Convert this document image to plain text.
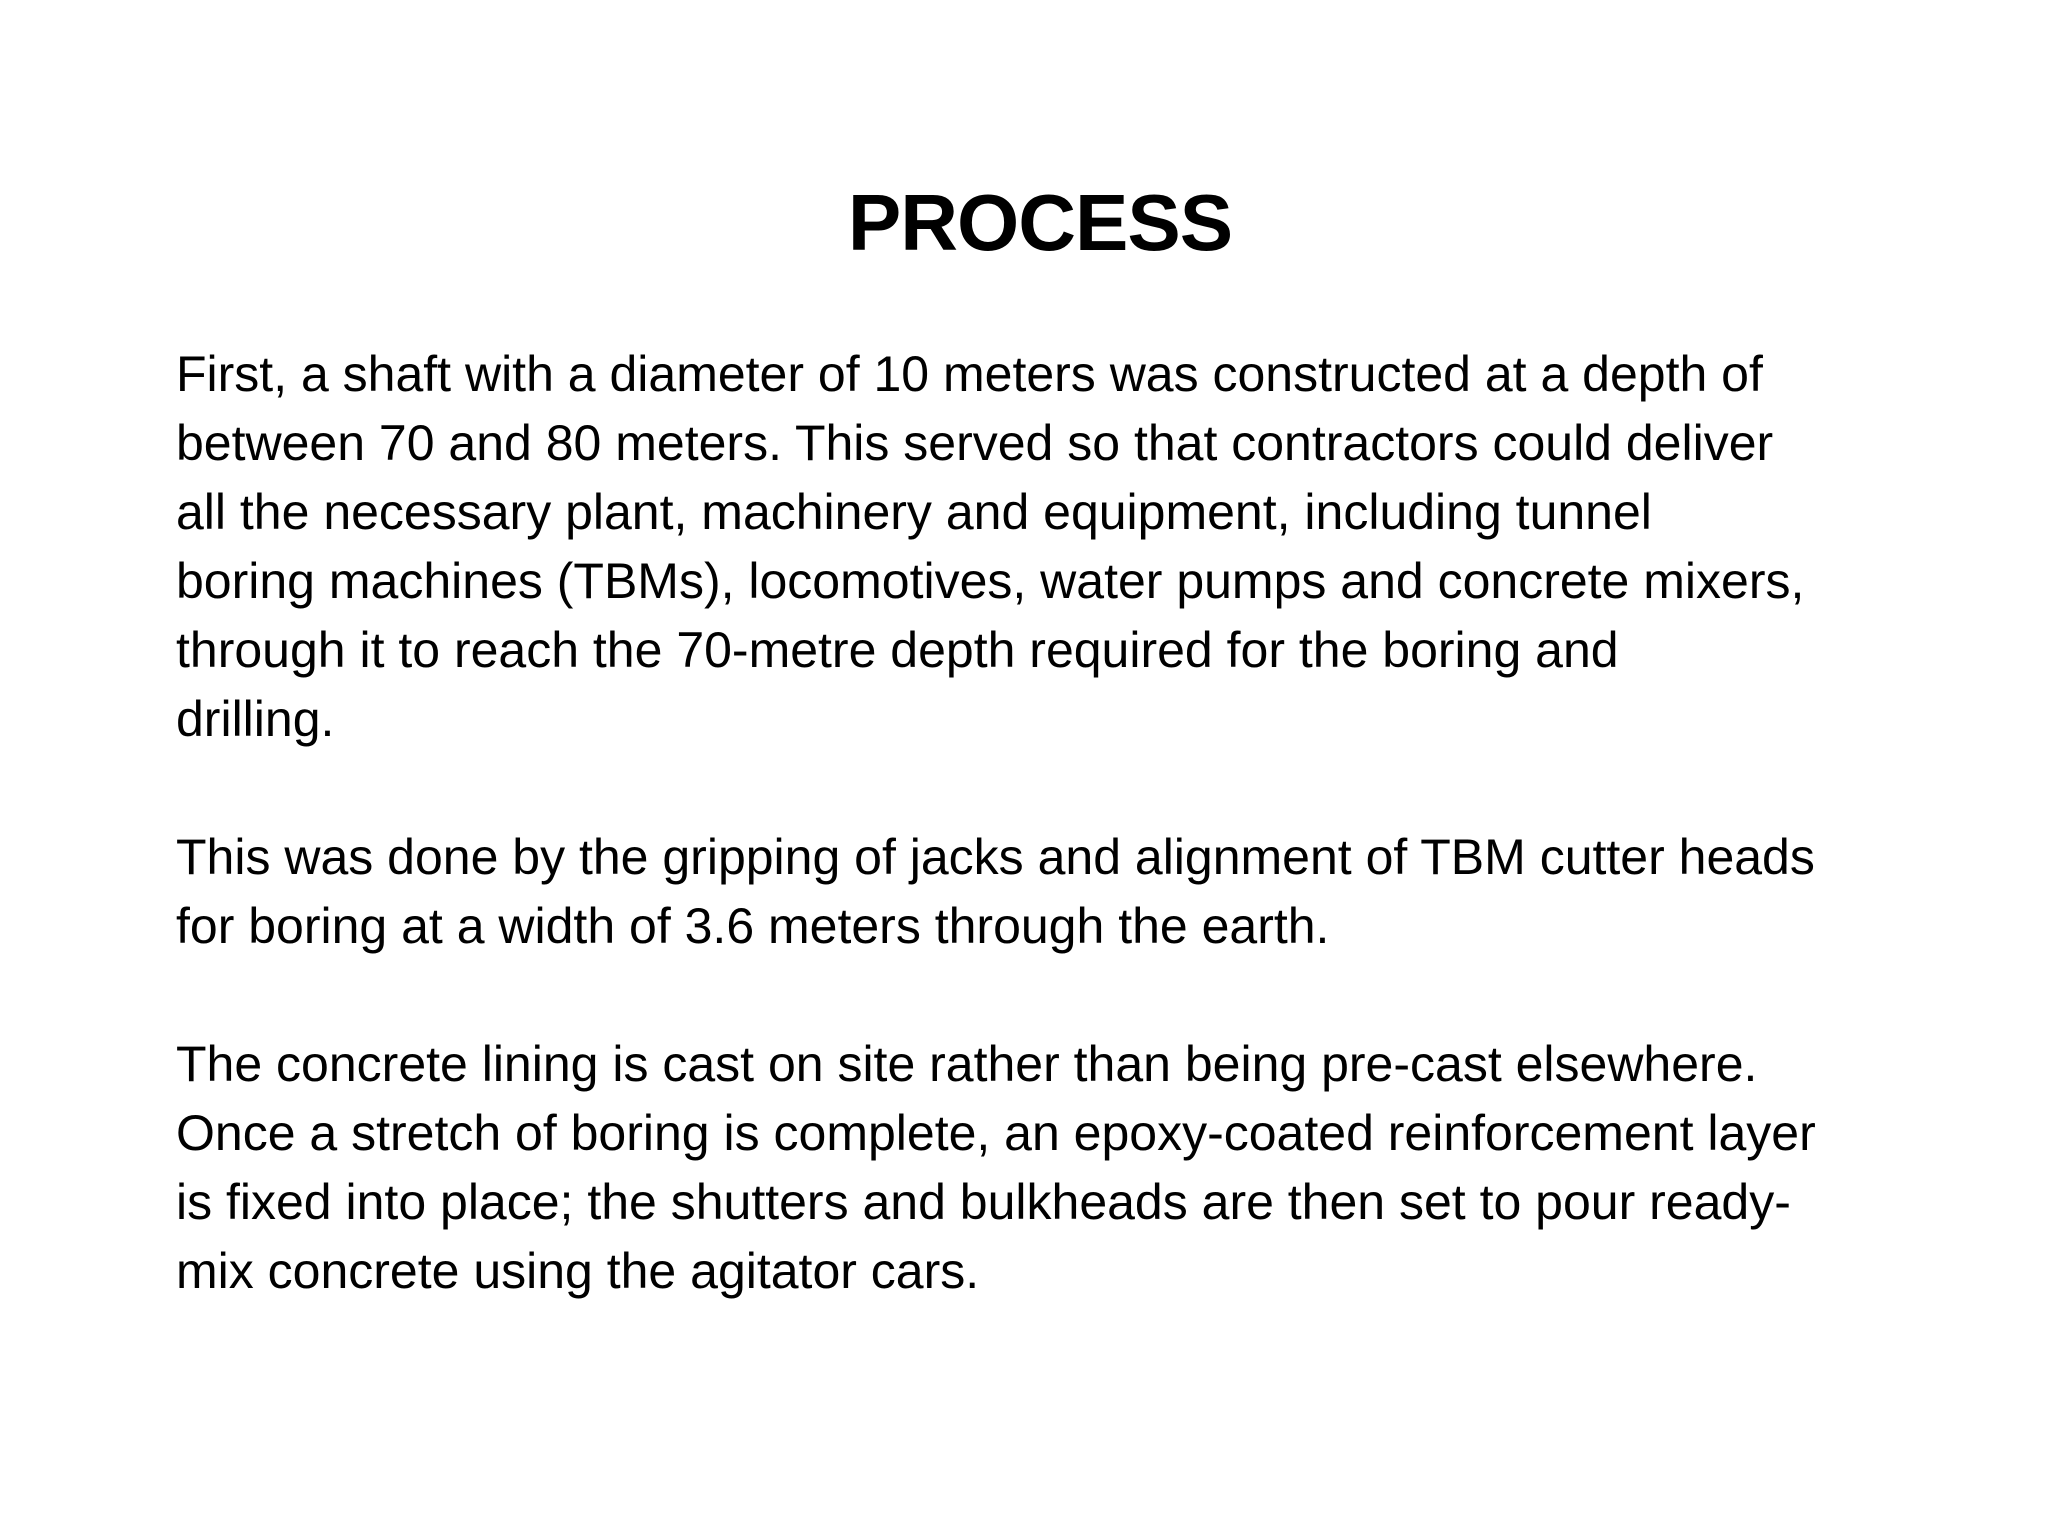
PROCESS
First, a shaft with a diameter of 10 meters was constructed at a depth of
between 70 and 80 meters. This served so that contractors could deliver
all the necessary plant, machinery and equipment, including tunnel
boring machines (TBMs), locomotives, water pumps and concrete mixers,
through it to reach the 70-metre depth required for the boring and
drilling.
This was done by the gripping of jacks and alignment of TBM cutter heads
for boring at a width of 3.6 meters through the earth.
The concrete lining is cast on site rather than being pre-cast elsewhere.
Once a stretch of boring is complete, an epoxy-coated reinforcement layer
is fixed into place; the shutters and bulkheads are then set to pour ready-
mix concrete using the agitator cars.
